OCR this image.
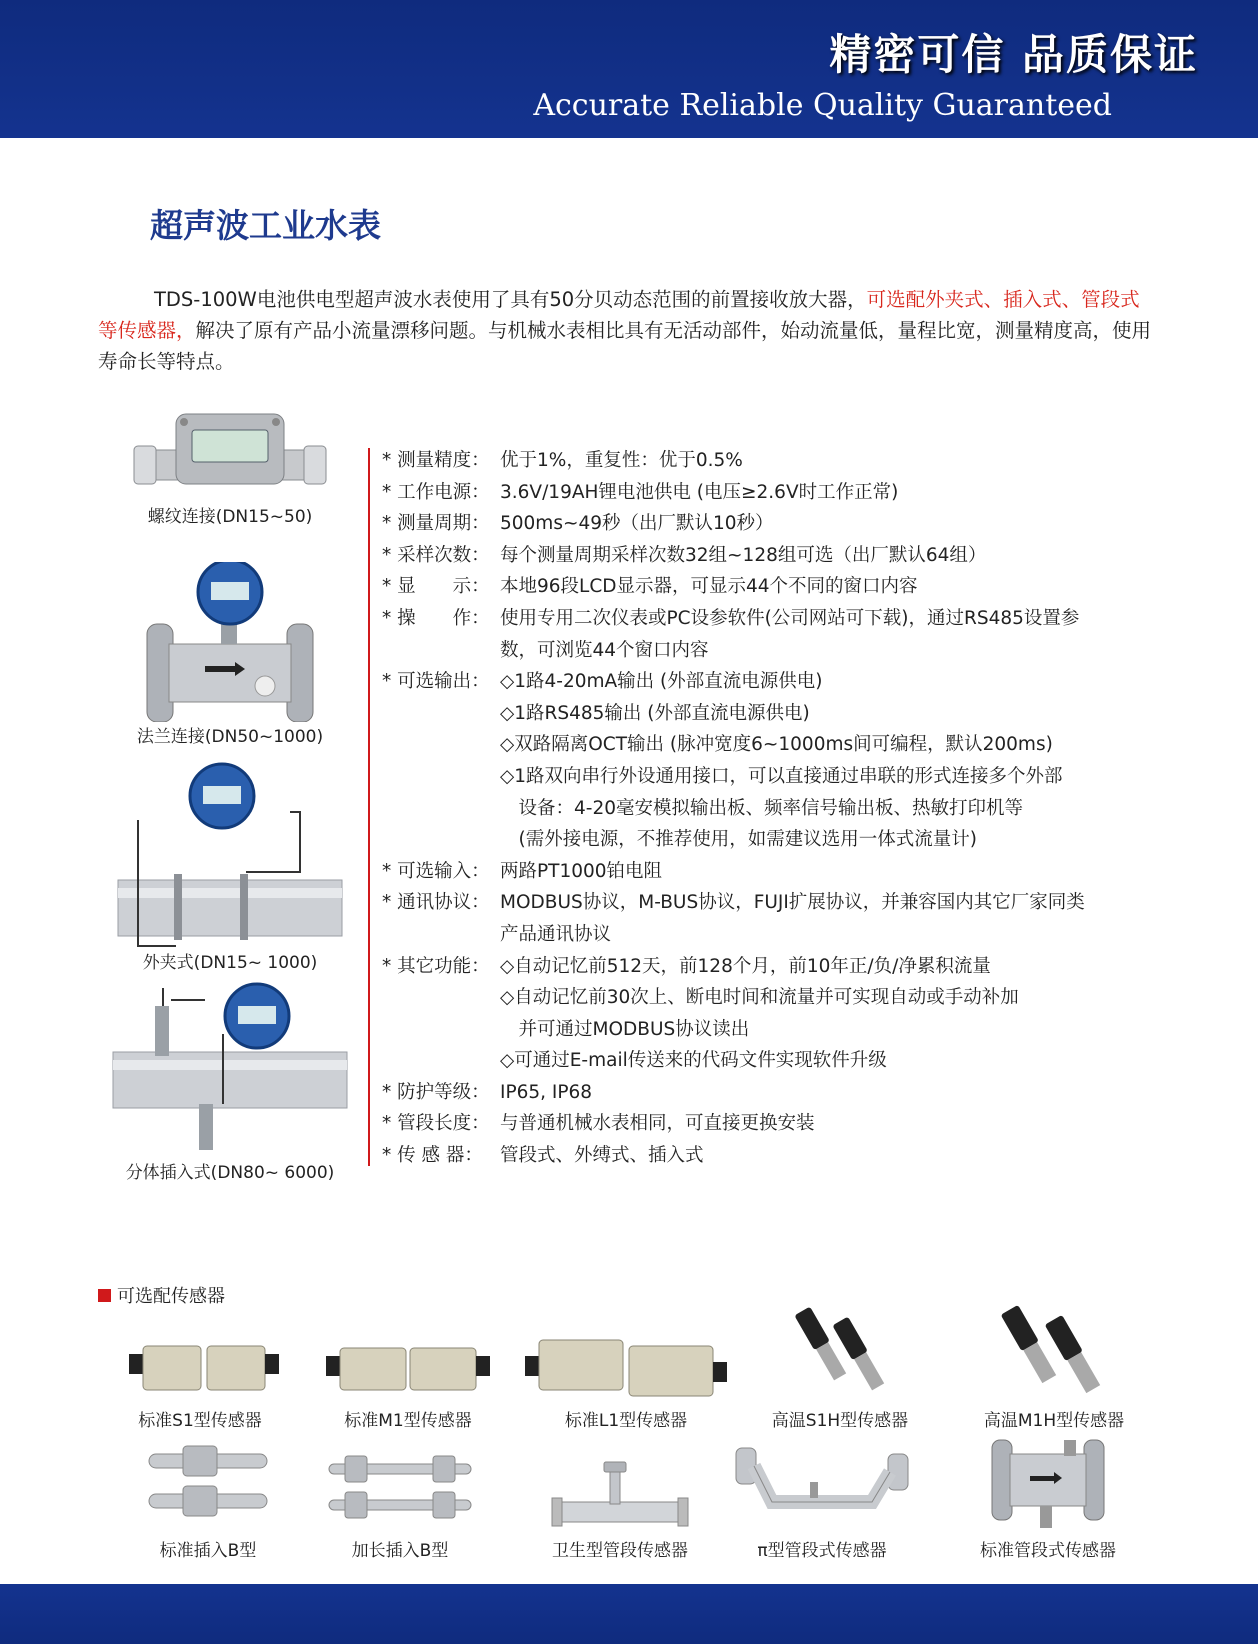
精密可信 品质保证
Accurate Reliable Quality Guaranteed
超声波工业水表

TDS-100W电池供电型超声波水表使用了具有50分贝动态范围的前置接收放大器，可选配外夹式、插入式、管段式等传感器，解决了原有产品小流量漂移问题。与机械水表相比具有无活动部件，始动流量低，量程比宽，测量精度高，使用寿命长等特点。

螺纹连接(DN15~50)
法兰连接(DN50~1000)
外夹式(DN15~ 1000)
分体插入式(DN80~ 6000)
* 测量精度： 优于1%，重复性：优于0.5%
* 工作电源： 3.6V/19AH锂电池供电 (电压≥2.6V时工作正常)
* 测量周期： 500ms~49秒（出厂默认10秒）
* 采样次数： 每个测量周期采样次数32组~128组可选（出厂默认64组）
* 显　　示： 本地96段LCD显示器，可显示44个不同的窗口内容
* 操　　作： 使用专用二次仪表或PC设参软件(公司网站可下载)，通过RS485设置参
数，可浏览44个窗口内容
* 可选输出： ◇1路4-20mA输出 (外部直流电源供电)
◇1路RS485输出 (外部直流电源供电)
◇双路隔离OCT输出 (脉冲宽度6~1000ms间可编程，默认200ms)
◇1路双向串行外设通用接口，可以直接通过串联的形式连接多个外部
　设备：4-20毫安模拟输出板、频率信号输出板、热敏打印机等
　(需外接电源，不推荐使用，如需建议选用一体式流量计)
* 可选输入： 两路PT1000铂电阻
* 通讯协议： MODBUS协议，M-BUS协议，FUJI扩展协议，并兼容国内其它厂家同类
产品通讯协议
* 其它功能： ◇自动记忆前512天，前128个月，前10年正/负/净累积流量
◇自动记忆前30次上、断电时间和流量并可实现自动或手动补加
　并可通过MODBUS协议读出
◇可通过E-mail传送来的代码文件实现软件升级
* 防护等级： IP65, IP68
* 管段长度： 与普通机械水表相同，可直接更换安装
* 传 感 器： 管段式、外缚式、插入式
可选配传感器
标准S1型传感器	标准M1型传感器	标准L1型传感器	高温S1H型传感器	高温M1H型传感器
标准插入B型	加长插入B型	卫生型管段传感器	π型管段式传感器	标准管段式传感器
